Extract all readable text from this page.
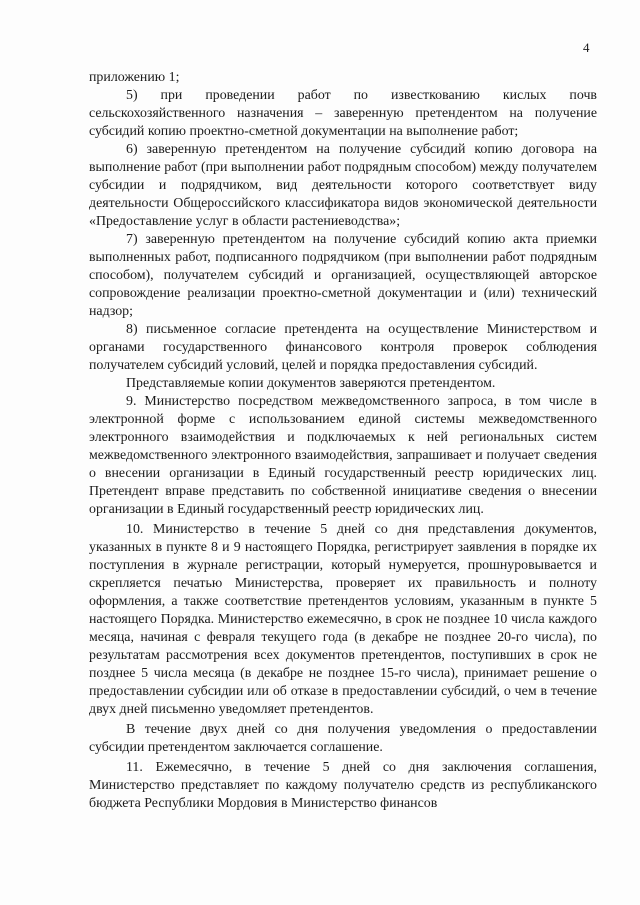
4

приложению 1;

5) при проведении работ по известкованию кислых почв сельскохозяйственного назначения – заверенную претендентом на получение субсидий копию проектно-сметной документации на выполнение работ;

6) заверенную претендентом на получение субсидий копию договора на выполнение работ (при выполнении работ подрядным способом) между получателем субсидии и подрядчиком, вид деятельности которого соответствует виду деятельности Общероссийского классификатора видов экономической деятельности «Предоставление услуг в области растениеводства»;

7) заверенную претендентом на получение субсидий копию акта приемки выполненных работ, подписанного подрядчиком (при выполнении работ подрядным способом), получателем субсидий и организацией, осуществляющей авторское сопровождение реализации проектно-сметной документации и (или) технический надзор;

8) письменное согласие претендента на осуществление Министерством и органами государственного финансового контроля проверок соблюдения получателем субсидий условий, целей и порядка предоставления субсидий.

Представляемые копии документов заверяются претендентом.

9. Министерство посредством межведомственного запроса, в том числе в электронной форме с использованием единой системы межведомственного электронного взаимодействия и подключаемых к ней региональных систем межведомственного электронного взаимодействия, запрашивает и получает сведения о внесении организации в Единый государственный реестр юридических лиц. Претендент вправе представить по собственной инициативе сведения о внесении организации в Единый государственный реестр юридических лиц.

10. Министерство в течение 5 дней со дня представления документов, указанных в пункте 8 и 9 настоящего Порядка, регистрирует заявления в порядке их поступления в журнале регистрации, который нумеруется, прошнуровывается и скрепляется печатью Министерства, проверяет их правильность и полноту оформления, а также соответствие претендентов условиям, указанным в пункте 5 настоящего Порядка. Министерство ежемесячно, в срок не позднее 10 числа каждого месяца, начиная с февраля текущего года (в декабре не позднее 20-го числа), по результатам рассмотрения всех документов претендентов, поступивших в срок не позднее 5 числа месяца (в декабре не позднее 15-го числа), принимает решение о предоставлении субсидии или об отказе в предоставлении субсидий, о чем в течение двух дней письменно уведомляет претендентов.

В течение двух дней со дня получения уведомления о предоставлении субсидии претендентом заключается соглашение.

11. Ежемесячно, в течение 5 дней со дня заключения соглашения, Министерство представляет по каждому получателю средств из республиканского бюджета Республики Мордовия в Министерство финансов
